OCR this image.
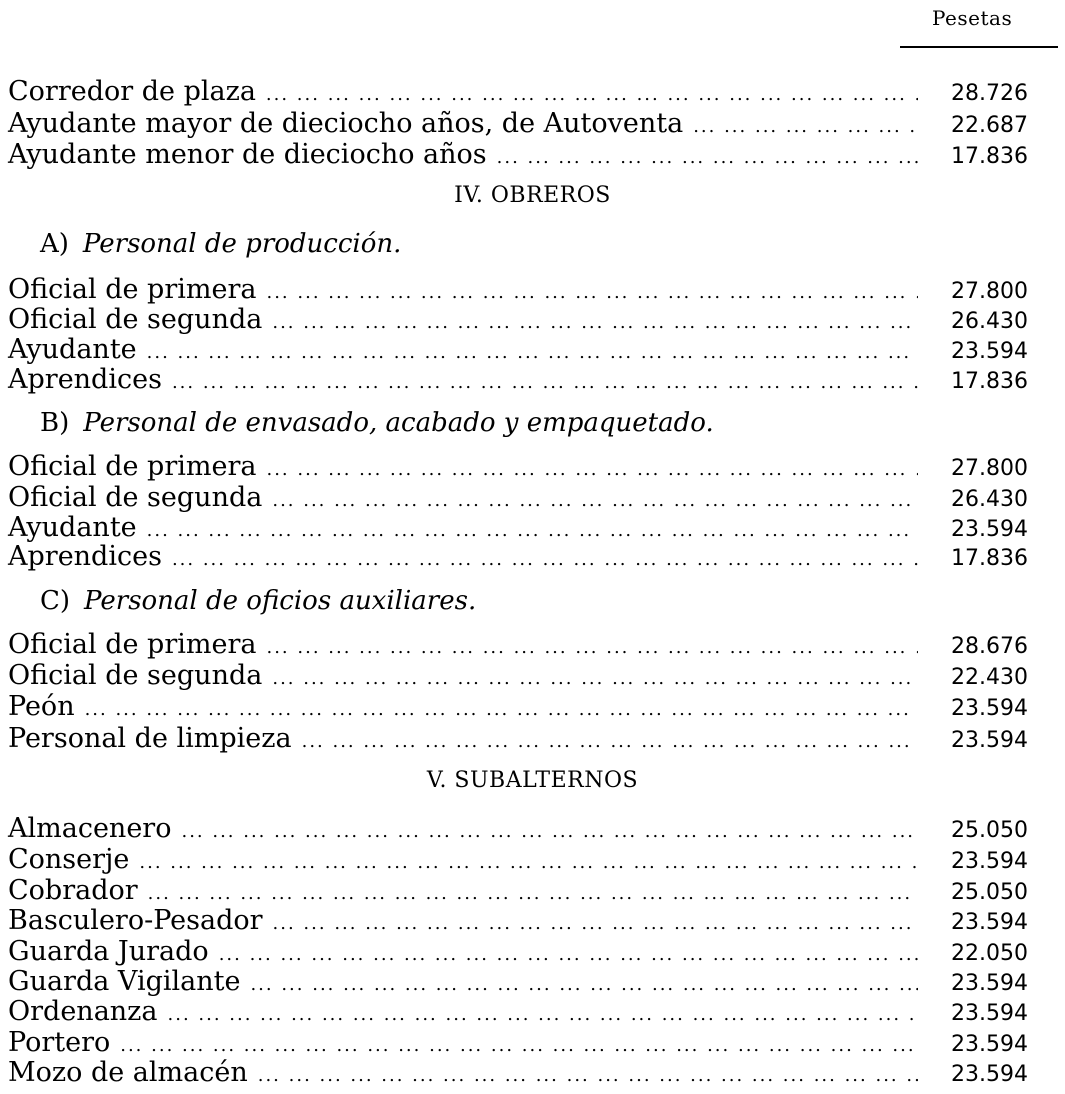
Pesetas
Corredor de plaza ... .	28.726
Ayudante mayor de dieciocho años, de Autoventa ... .	22.687
Ayudante menor de dieciocho años ... .	17.836
IV. OBREROS
A) Personal de producción.
Oficial de primera ... .	27.800
Oficial de segunda ... .	26.430
Ayudante ... .	23.594
Aprendices ... .	17.836
B) Personal de envasado, acabado y empaquetado.
Oficial de primera ... .	27.800
Oficial de segunda ... .	26.430
Ayudante ... .	23.594
Aprendices ... .	17.836
C) Personal de oficios auxiliares.
Oficial de primera ... .	28.676
Oficial de segunda ... .	22.430
Peón ... .	23.594
Personal de limpieza ... .	23.594
V. SUBALTERNOS
Almacenero ... .	25.050
Conserje ... .	23.594
Cobrador ... .	25.050
Basculero-Pesador ... .	23.594
Guarda Jurado ... .	22.050
Guarda Vigilante ... .	23.594
Ordenanza ... .	23.594
Portero ... .	23.594
Mozo de almacén ... .	23.594
